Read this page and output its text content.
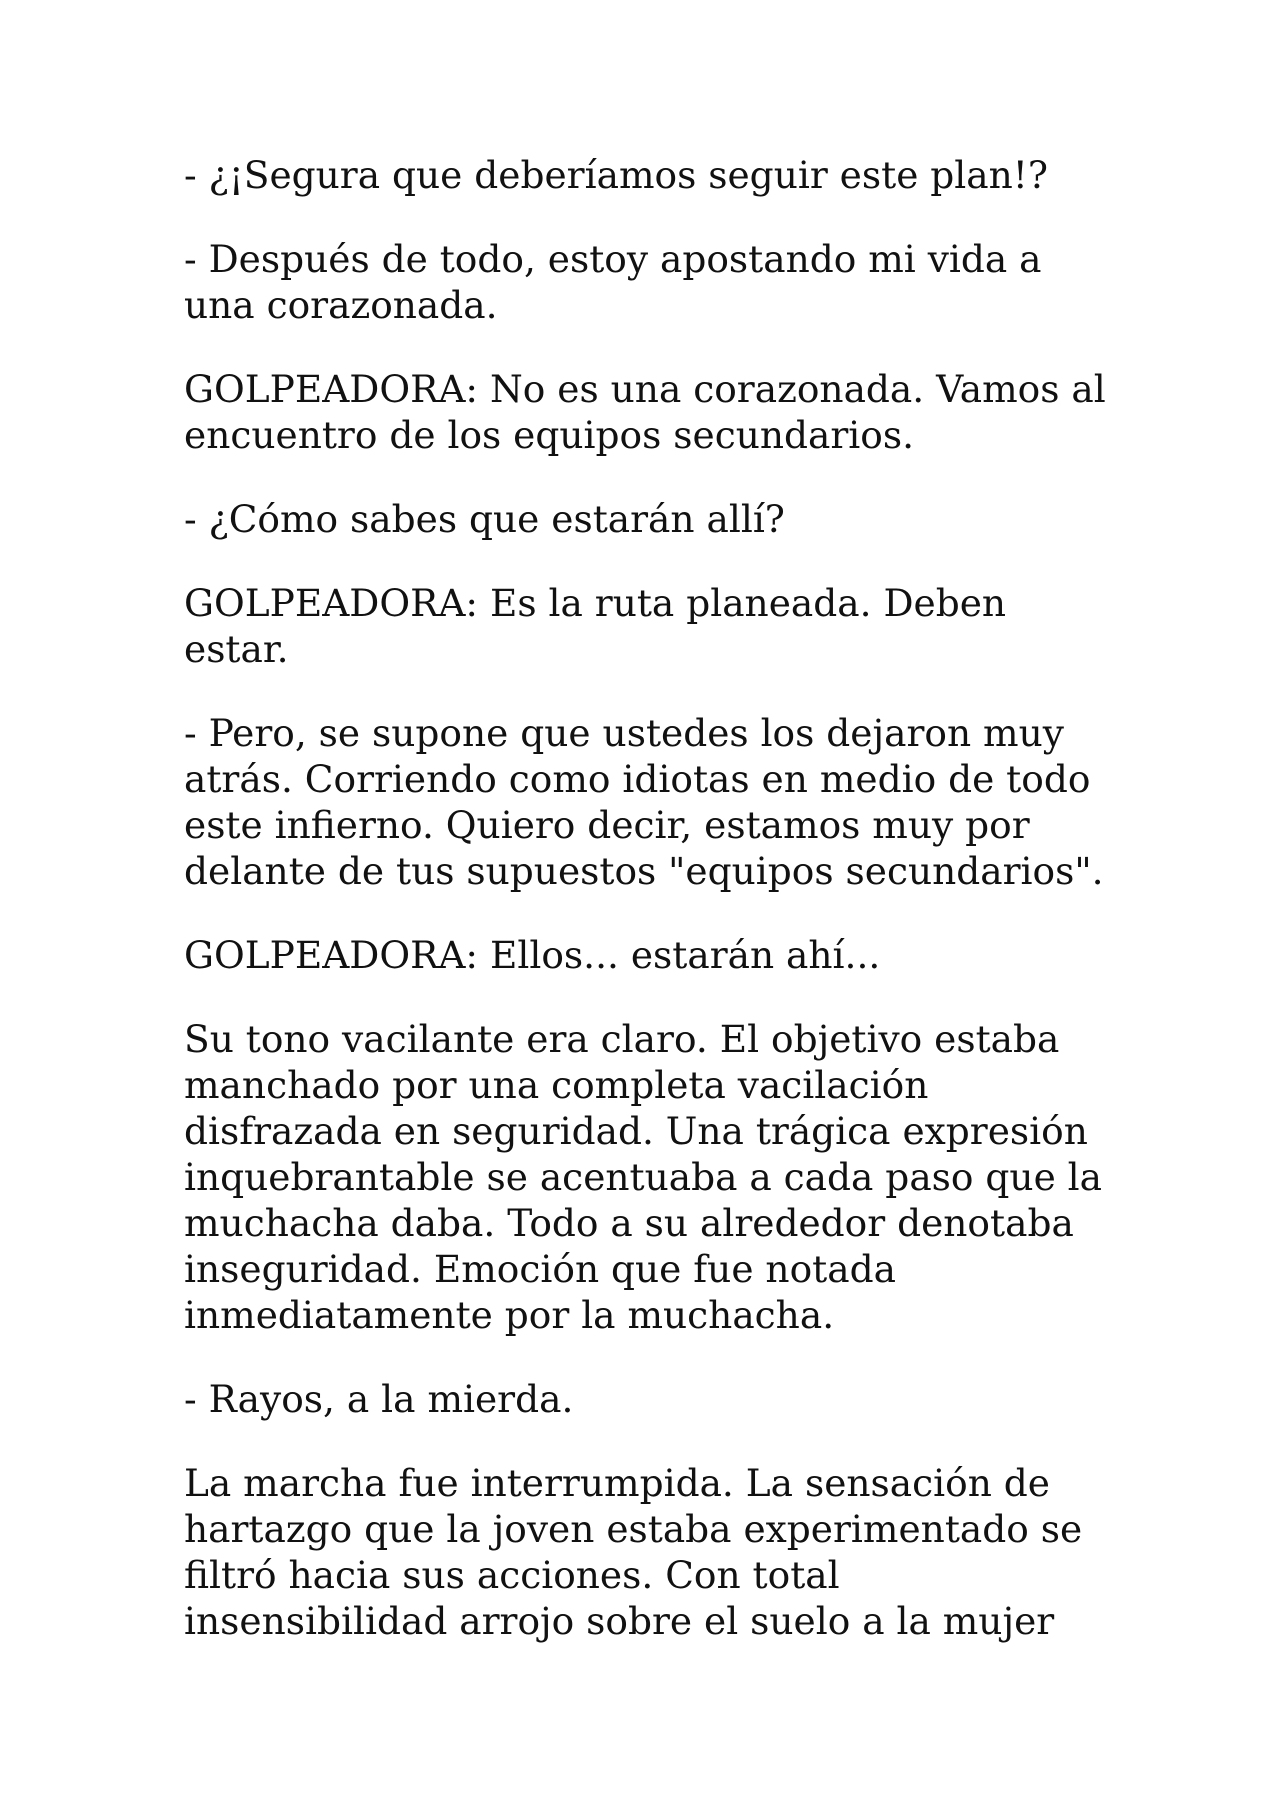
- ¿¡Segura que deberíamos seguir este plan!?

- Después de todo, estoy apostando mi vida a una corazonada.

GOLPEADORA: No es una corazonada. Vamos al encuentro de los equipos secundarios.

- ¿Cómo sabes que estarán allí?

GOLPEADORA: Es la ruta planeada. Deben estar.

- Pero, se supone que ustedes los dejaron muy atrás. Corriendo como idiotas en medio de todo este infierno. Quiero decir, estamos muy por delante de tus supuestos "equipos secundarios".

GOLPEADORA: Ellos... estarán ahí...

Su tono vacilante era claro. El objetivo estaba manchado por una completa vacilación disfrazada en seguridad. Una trágica expresión inquebrantable se acentuaba a cada paso que la muchacha daba. Todo a su alrededor denotaba inseguridad. Emoción que fue notada inmediatamente por la muchacha.

- Rayos, a la mierda.

La marcha fue interrumpida. La sensación de hartazgo que la joven estaba experimentado se filtró hacia sus acciones. Con total insensibilidad arrojo sobre el suelo a la mujer
